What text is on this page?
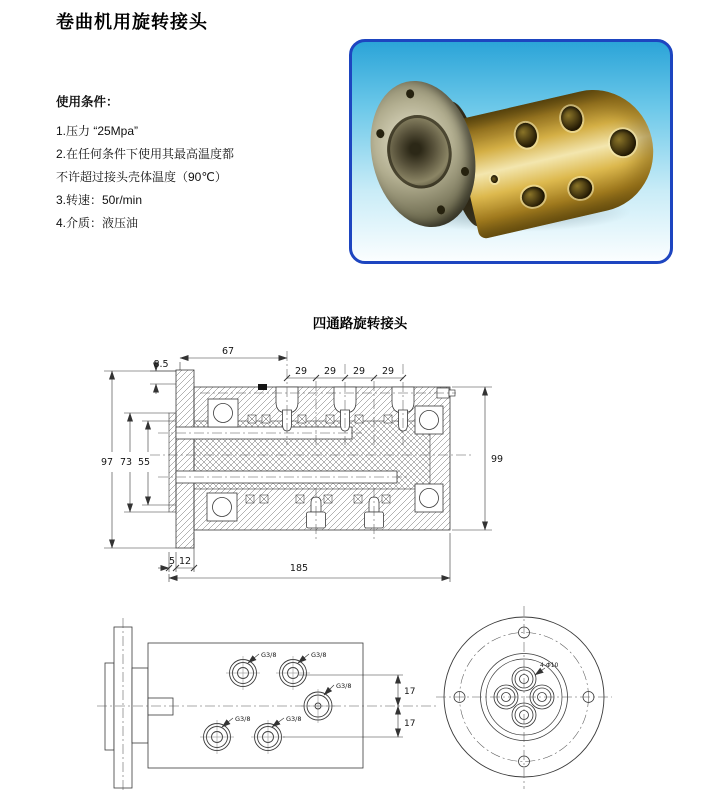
卷曲机用旋转接头

使用条件：

1.压力 “25Mpa”

2.在任何条件下使用其最高温度都

不许超过接头壳体温度（90℃）

3.转速：50r/min

4.介质：液压油

四通路旋转接头
8.5
67
29 29 29 29
97 73 55	99
5 12
185
G3/8	G3/8
G3/8
G3/8	G3/8
17
17
4-Φ10
